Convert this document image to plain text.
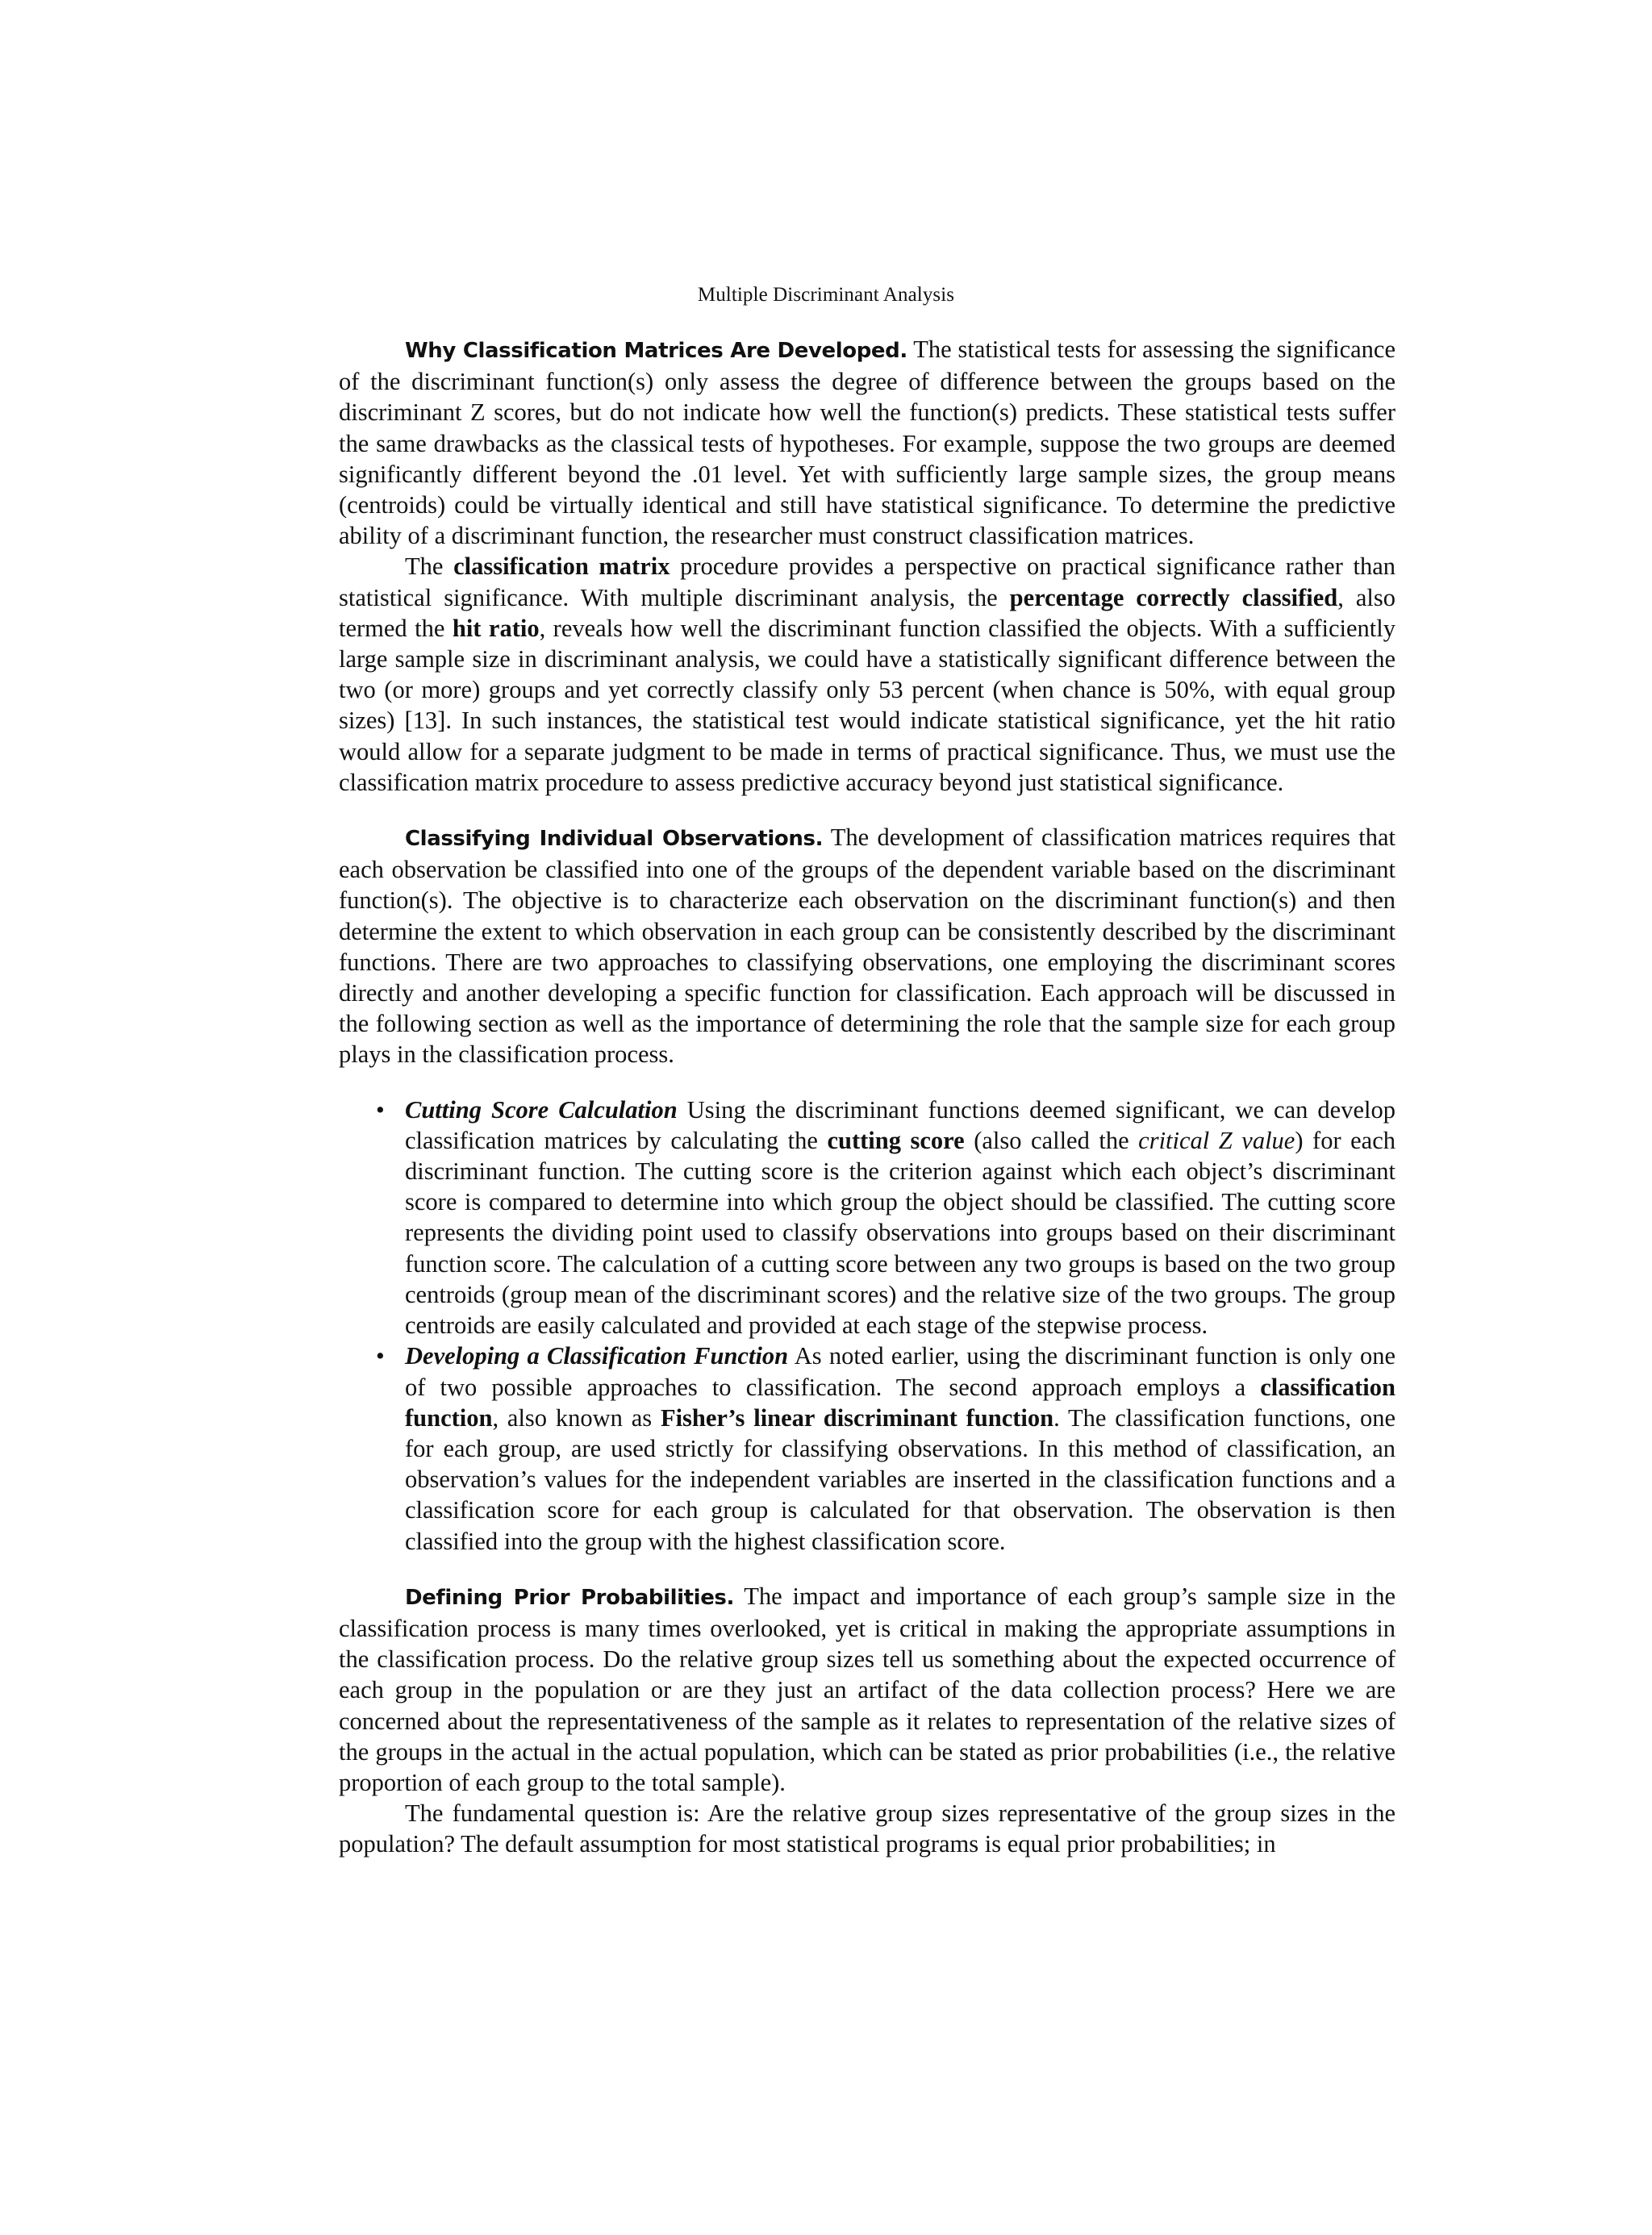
Multiple Discriminant Analysis

Why Classification Matrices Are Developed. The statistical tests for assessing the significance of the discriminant function(s) only assess the degree of difference between the groups based on the discriminant Z scores, but do not indicate how well the function(s) predicts. These statistical tests suffer the same drawbacks as the classical tests of hypotheses. For example, suppose the two groups are deemed significantly different beyond the .01 level. Yet with sufficiently large sample sizes, the group means (centroids) could be virtually identical and still have statistical significance. To determine the predictive ability of a discriminant function, the researcher must construct classification matrices.

The classification matrix procedure provides a perspective on practical significance rather than statistical significance. With multiple discriminant analysis, the percentage correctly classified, also termed the hit ratio, reveals how well the discriminant function classified the objects. With a sufficiently large sample size in discriminant analysis, we could have a statistically significant difference between the two (or more) groups and yet correctly classify only 53 percent (when chance is 50%, with equal group sizes) [13]. In such instances, the statistical test would indicate statistical significance, yet the hit ratio would allow for a separate judgment to be made in terms of practical significance. Thus, we must use the classification matrix procedure to assess predictive accuracy beyond just statistical significance.

Classifying Individual Observations. The development of classification matrices requires that each observation be classified into one of the groups of the dependent variable based on the discriminant function(s). The objective is to characterize each observation on the discriminant function(s) and then determine the extent to which observation in each group can be consistently described by the discriminant functions. There are two approaches to classifying observations, one employing the discriminant scores directly and another developing a specific function for classification. Each approach will be discussed in the following section as well as the importance of determining the role that the sample size for each group plays in the classification process.

• Cutting Score Calculation Using the discriminant functions deemed significant, we can develop classification matrices by calculating the cutting score (also called the critical Z value) for each discriminant function. The cutting score is the criterion against which each object’s discriminant score is compared to determine into which group the object should be classified. The cutting score represents the dividing point used to classify observations into groups based on their discriminant function score. The calculation of a cutting score between any two groups is based on the two group centroids (group mean of the discriminant scores) and the relative size of the two groups. The group centroids are easily calculated and provided at each stage of the stepwise process.
• Developing a Classification Function As noted earlier, using the discriminant function is only one of two possible approaches to classification. The second approach employs a classification function, also known as Fisher’s linear discriminant function. The classification functions, one for each group, are used strictly for classifying observations. In this method of classification, an observation’s values for the independent variables are inserted in the classification functions and a classification score for each group is calculated for that observation. The observation is then classified into the group with the highest classification score.

Defining Prior Probabilities. The impact and importance of each group’s sample size in the classification process is many times overlooked, yet is critical in making the appropriate assumptions in the classification process. Do the relative group sizes tell us something about the expected occurrence of each group in the population or are they just an artifact of the data collection process? Here we are concerned about the representativeness of the sample as it relates to representation of the relative sizes of the groups in the actual in the actual population, which can be stated as prior probabilities (i.e., the relative proportion of each group to the total sample).

The fundamental question is: Are the relative group sizes representative of the group sizes in the population? The default assumption for most statistical programs is equal prior probabilities; in
